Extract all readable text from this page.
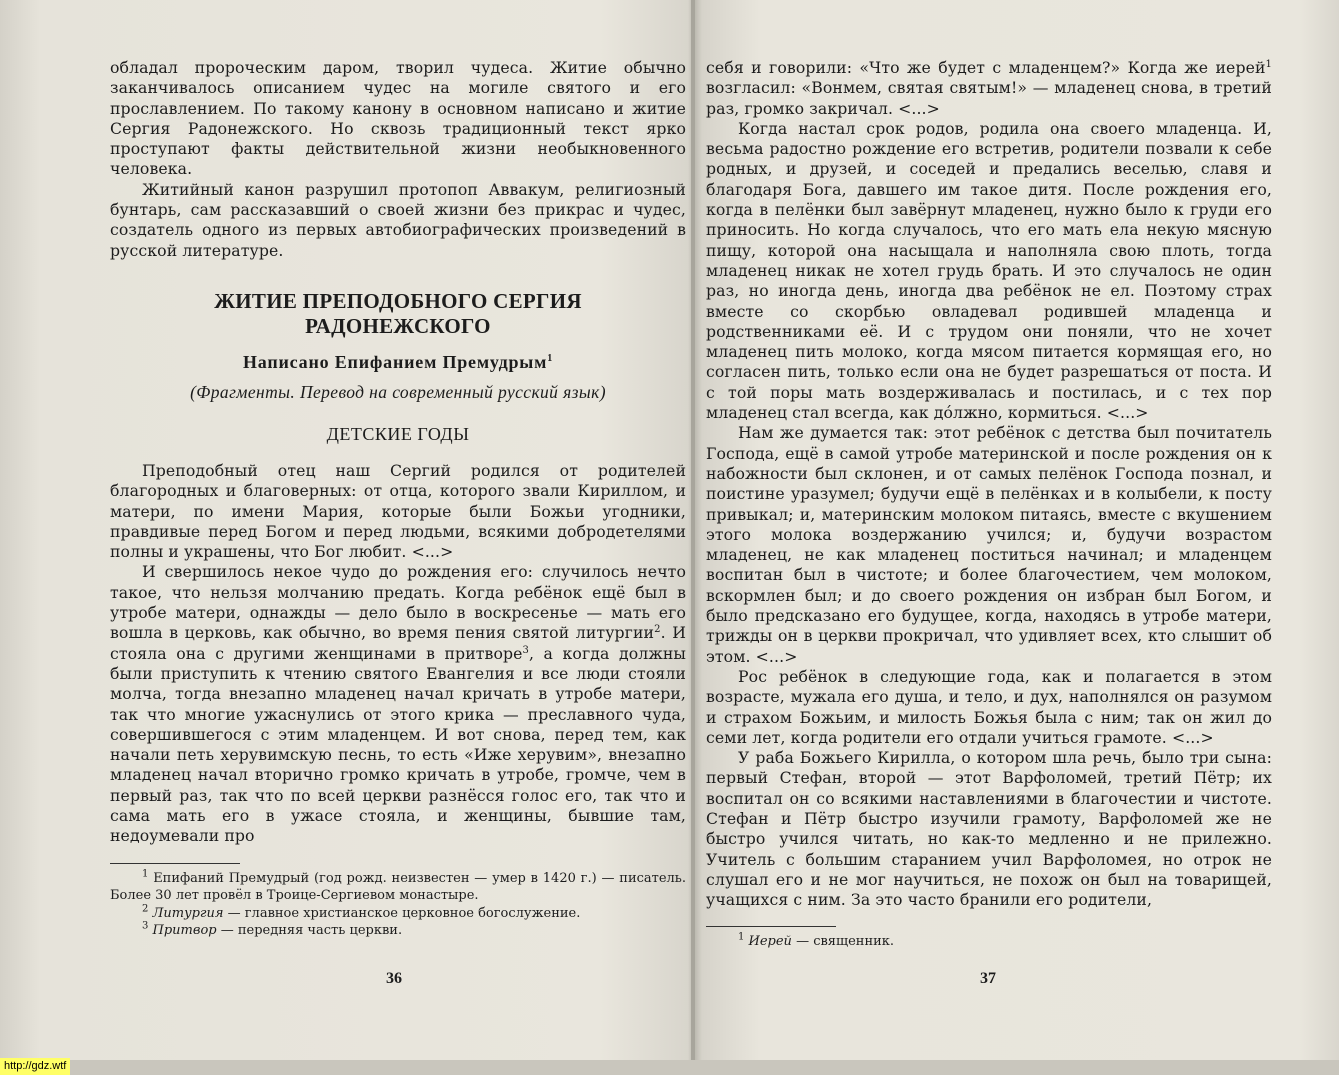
обладал пророческим даром, творил чудеса. Житие обычно заканчивалось описанием чудес на могиле святого и его прославлением. По такому канону в основном написано и житие Сергия Радонежского. Но сквозь традиционный текст ярко проступают факты действительной жизни необыкновенного человека.

Житийный канон разрушил протопоп Аввакум, религиозный бунтарь, сам рассказавший о своей жизни без прикрас и чудес, создатель одного из первых автобиографических произведений в русской литературе.

ЖИТИЕ ПРЕПОДОБНОГО СЕРГИЯ
РАДОНЕЖСКОГО
Написано Епифанием Премудрым$^1$
(Фрагменты. Перевод на современный русский язык)
ДЕТСКИЕ ГОДЫ

Преподобный отец наш Сергий родился от родителей благородных и благоверных: от отца, которого звали Кириллом, и матери, по имени Мария, которые были Божьи угодники, правдивые перед Богом и перед людьми, всякими добродетелями полны и украшены, что Бог любит. <...>

И свершилось некое чудо до рождения его: случилось нечто такое, что нельзя молчанию предать. Когда ребёнок ещё был в утробе матери, однажды — дело было в воскресенье — мать его вошла в церковь, как обычно, во время пения святой литургии$^2$. И стояла она с другими женщинами в притворе$^3$, а когда должны были приступить к чтению святого Евангелия и все люди стояли молча, тогда внезапно младенец начал кричать в утробе матери, так что многие ужаснулись от этого крика — преславного чуда, совершившегося с этим младенцем. И вот снова, перед тем, как начали петь херувимскую песнь, то есть «Иже херувим», внезапно младенец начал вторично громко кричать в утробе, громче, чем в первый раз, так что по всей церкви разнёсся голос его, так что и сама мать его в ужасе стояла, и женщины, бывшие там, недоумевали про

$^1$ Епифаний Премудрый (год рожд. неизвестен — умер в 1420 г.) — писатель. Более 30 лет провёл в Троице-Сергиевом монастыре.

$^2$ Литургия — главное христианское церковное богослужение.

$^3$ Притвор — передняя часть церкви.

36

себя и говорили: «Что же будет с младенцем?» Когда же иерей$^1$ возгласил: «Вонмем, святая святым!» — младенец снова, в третий раз, громко закричал. <...>

Когда настал срок родов, родила она своего младенца. И, весьма радостно рождение его встретив, родители позвали к себе родных, и друзей, и соседей и предались веселью, славя и благодаря Бога, давшего им такое дитя. После рождения его, когда в пелёнки был завёрнут младенец, нужно было к груди его приносить. Но когда случалось, что его мать ела некую мясную пищу, которой она насыщала и наполняла свою плоть, тогда младенец никак не хотел грудь брать. И это случалось не один раз, но иногда день, иногда два ребёнок не ел. Поэтому страх вместе со скорбью овладевал родившей младенца и родственниками её. И с трудом они поняли, что не хочет младенец пить молоко, когда мясом питается кормящая его, но согласен пить, только если она не будет разрешаться от поста. И с той поры мать воздерживалась и постилась, и с тех пор младенец стал всегда, как дóлжно, кормиться. <...>

Нам же думается так: этот ребёнок с детства был почитатель Господа, ещё в самой утробе материнской и после рождения он к набожности был склонен, и от самых пелёнок Господа познал, и поистине уразумел; будучи ещё в пелёнках и в колыбели, к посту привыкал; и, материнским молоком питаясь, вместе с вкушением этого молока воздержанию учился; и, будучи возрастом младенец, не как младенец поститься начинал; и младенцем воспитан был в чистоте; и более благочестием, чем молоком, вскормлен был; и до своего рождения он избран был Богом, и было предсказано его будущее, когда, находясь в утробе матери, трижды он в церкви прокричал, что удивляет всех, кто слышит об этом. <...>

Рос ребёнок в следующие года, как и полагается в этом возрасте, мужала его душа, и тело, и дух, наполнялся он разумом и страхом Божьим, и милость Божья была с ним; так он жил до семи лет, когда родители его отдали учиться грамоте. <...>

У раба Божьего Кирилла, о котором шла речь, было три сына: первый Стефан, второй — этот Варфоломей, третий Пётр; их воспитал он со всякими наставлениями в благочестии и чистоте. Стефан и Пётр быстро изучили грамоту, Варфоломей же не быстро учился читать, но как-то медленно и не прилежно. Учитель с большим старанием учил Варфоломея, но отрок не слушал его и не мог научиться, не похож он был на товарищей, учащихся с ним. За это часто бранили его родители,

$^1$ Иерей — священник.

37
http://gdz.wtf
